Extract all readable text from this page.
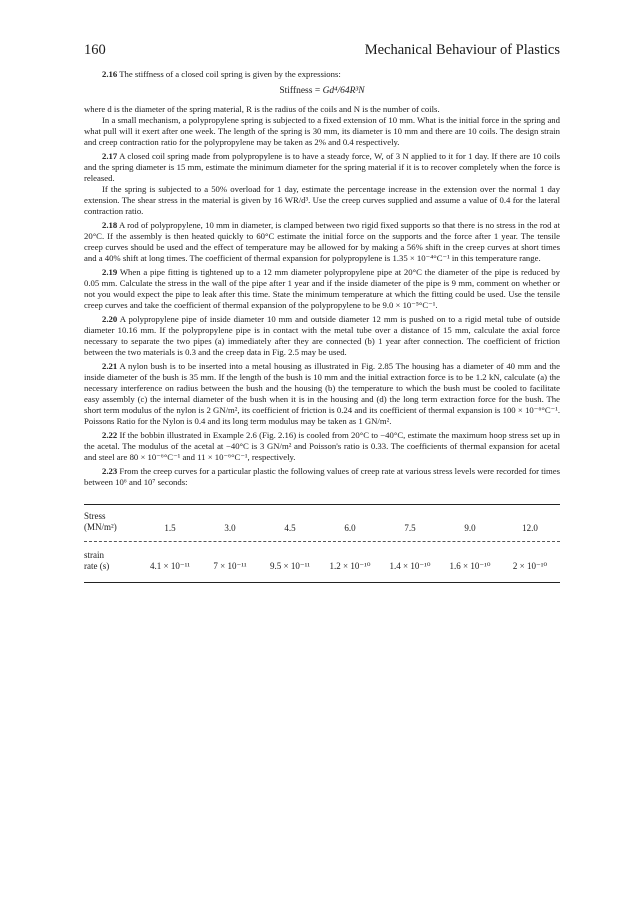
160	Mechanical Behaviour of Plastics

2.16 The stiffness of a closed coil spring is given by the expressions:

Stiffness = Gd⁴/64R³N

where d is the diameter of the spring material, R is the radius of the coils and N is the number of coils.

In a small mechanism, a polypropylene spring is subjected to a fixed extension of 10 mm. What is the initial force in the spring and what pull will it exert after one week. The length of the spring is 30 mm, its diameter is 10 mm and there are 10 coils. The design strain and creep contraction ratio for the polypropylene may be taken as 2% and 0.4 respectively.

2.17 A closed coil spring made from polypropylene is to have a steady force, W, of 3 N applied to it for 1 day. If there are 10 coils and the spring diameter is 15 mm, estimate the minimum diameter for the spring material if it is to recover completely when the force is released.

If the spring is subjected to a 50% overload for 1 day, estimate the percentage increase in the extension over the normal 1 day extension. The shear stress in the material is given by 16 WR/d³. Use the creep curves supplied and assume a value of 0.4 for the lateral contraction ratio.

2.18 A rod of polypropylene, 10 mm in diameter, is clamped between two rigid fixed supports so that there is no stress in the rod at 20°C. If the assembly is then heated quickly to 60°C estimate the initial force on the supports and the force after 1 year. The tensile creep curves should be used and the effect of temperature may be allowed for by making a 56% shift in the creep curves at short times and a 40% shift at long times. The coefficient of thermal expansion for polypropylene is 1.35 × 10⁻⁴°C⁻¹ in this temperature range.

2.19 When a pipe fitting is tightened up to a 12 mm diameter polypropylene pipe at 20°C the diameter of the pipe is reduced by 0.05 mm. Calculate the stress in the wall of the pipe after 1 year and if the inside diameter of the pipe is 9 mm, comment on whether or not you would expect the pipe to leak after this time. State the minimum temperature at which the fitting could be used. Use the tensile creep curves and take the coefficient of thermal expansion of the polypropylene to be 9.0 × 10⁻⁵°C⁻¹.

2.20 A polypropylene pipe of inside diameter 10 mm and outside diameter 12 mm is pushed on to a rigid metal tube of outside diameter 10.16 mm. If the polypropylene pipe is in contact with the metal tube over a distance of 15 mm, calculate the axial force necessary to separate the two pipes (a) immediately after they are connected (b) 1 year after connection. The coefficient of friction between the two materials is 0.3 and the creep data in Fig. 2.5 may be used.

2.21 A nylon bush is to be inserted into a metal housing as illustrated in Fig. 2.85 The housing has a diameter of 40 mm and the inside diameter of the bush is 35 mm. If the length of the bush is 10 mm and the initial extraction force is to be 1.2 kN, calculate (a) the necessary interference on radius between the bush and the housing (b) the temperature to which the bush must be cooled to facilitate easy assembly (c) the internal diameter of the bush when it is in the housing and (d) the long term extraction force for the bush. The short term modulus of the nylon is 2 GN/m², its coefficient of friction is 0.24 and its coefficient of thermal expansion is 100 × 10⁻⁶°C⁻¹. Poissons Ratio for the Nylon is 0.4 and its long term modulus may be taken as 1 GN/m².

2.22 If the bobbin illustrated in Example 2.6 (Fig. 2.16) is cooled from 20°C to −40°C, estimate the maximum hoop stress set up in the acetal. The modulus of the acetal at −40°C is 3 GN/m² and Poisson's ratio is 0.33. The coefficients of thermal expansion for acetal and steel are 80 × 10⁻⁶°C⁻¹ and 11 × 10⁻⁶°C⁻¹, respectively.

2.23 From the creep curves for a particular plastic the following values of creep rate at various stress levels were recorded for times between 10⁶ and 10⁷ seconds:

Stress
(MN/m²)	1.5	3.0	4.5	6.0	7.5	9.0	12.0
strain
rate (s)	4.1 × 10⁻¹¹	7 × 10⁻¹¹	9.5 × 10⁻¹¹	1.2 × 10⁻¹⁰	1.4 × 10⁻¹⁰	1.6 × 10⁻¹⁰	2 × 10⁻¹⁰
